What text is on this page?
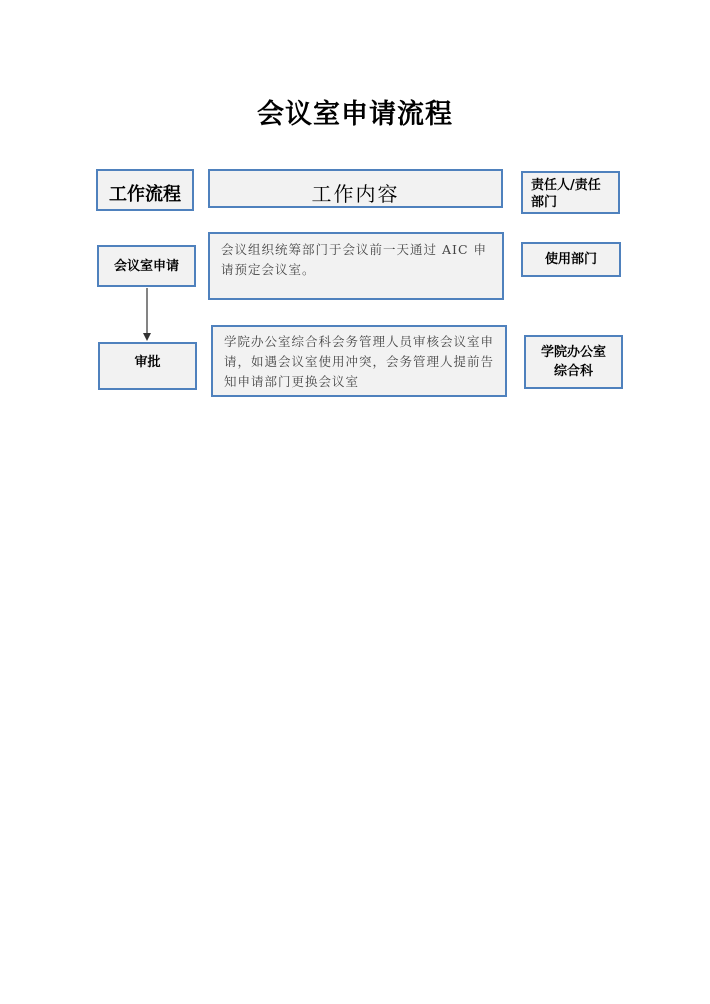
会议室申请流程
工作流程	工作内容	责任人/责任
部门
会议室申请
会议组织统筹部门于会议前一天通过 AIC 申请预定会议室。
使用部门
审批
学院办公室综合科会务管理人员审核会议室申请，如遇会议室使用冲突，会务管理人提前告知申请部门更换会议室
学院办公室
综合科
